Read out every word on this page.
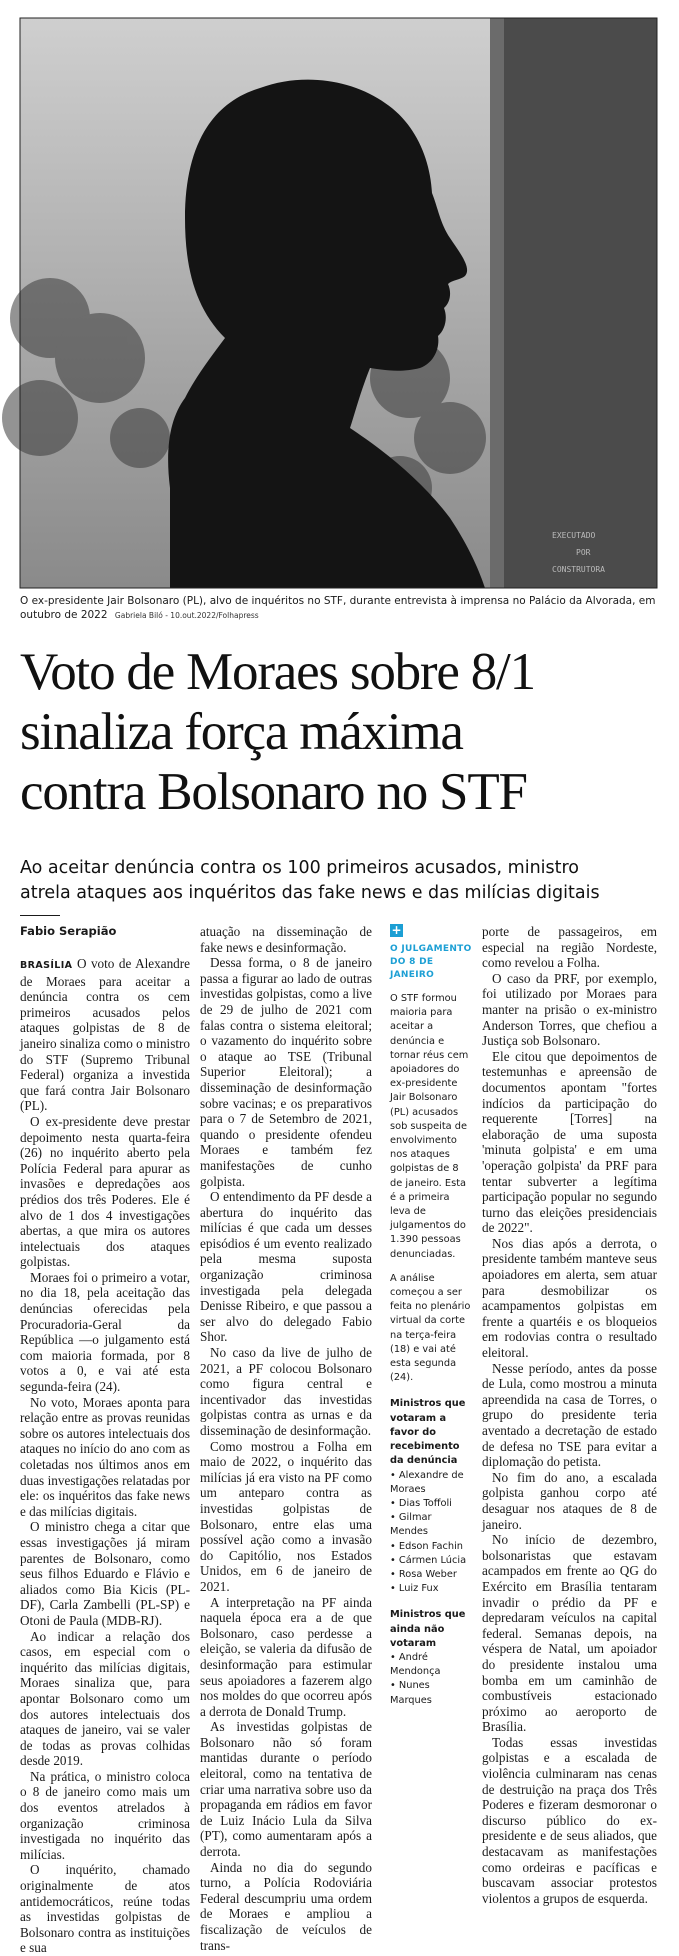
EXECUTADO
POR
CONSTRUTORA
O ex-presidente Jair Bolsonaro (PL), alvo de inquéritos no STF, durante entrevista à imprensa no Palácio da Alvorada, em outubro de 2022 Gabriela Biló - 10.out.2022/Folhapress
Voto de Moraes sobre 8/1
sinaliza força máxima
contra Bolsonaro no STF
Ao aceitar denúncia contra os 100 primeiros acusados, ministro
atrela ataques aos inquéritos das fake news e das milícias digitais
Fabio Serapião

BRASÍLIA O voto de Alexandre de Moraes para aceitar a denúncia contra os cem primeiros acusados pelos ataques golpistas de 8 de janeiro sinaliza como o ministro do STF (Supremo Tribunal Federal) organiza a investida que fará contra Jair Bolsonaro (PL).

O ex-presidente deve prestar depoimento nesta quarta-feira (26) no inquérito aberto pela Polícia Federal para apurar as invasões e depredações aos prédios dos três Poderes. Ele é alvo de 1 dos 4 investigações abertas, a que mira os autores intelectuais dos ataques golpistas.

Moraes foi o primeiro a votar, no dia 18, pela aceitação das denúncias oferecidas pela Procuradoria-Geral da República —o julgamento está com maioria formada, por 8 votos a 0, e vai até esta segunda-feira (24).

No voto, Moraes aponta para relação entre as provas reunidas sobre os autores intelectuais dos ataques no início do ano com as coletadas nos últimos anos em duas investigações relatadas por ele: os inquéritos das fake news e das milícias digitais.

O ministro chega a citar que essas investigações já miram parentes de Bolsonaro, como seus filhos Eduardo e Flávio e aliados como Bia Kicis (PL-DF), Carla Zambelli (PL-SP) e Otoni de Paula (MDB-RJ).

Ao indicar a relação dos casos, em especial com o inquérito das milícias digitais, Moraes sinaliza que, para apontar Bolsonaro como um dos autores intelectuais dos ataques de janeiro, vai se valer de todas as provas colhidas desde 2019.

Na prática, o ministro coloca o 8 de janeiro como mais um dos eventos atrelados à organização criminosa investigada no inquérito das milícias.

O inquérito, chamado originalmente de atos antidemocráticos, reúne todas as investidas golpistas de Bolsonaro contra as instituições e sua

atuação na disseminação de fake news e desinformação.

Dessa forma, o 8 de janeiro passa a figurar ao lado de outras investidas golpistas, como a live de 29 de julho de 2021 com falas contra o sistema eleitoral; o vazamento do inquérito sobre o ataque ao TSE (Tribunal Superior Eleitoral); a disseminação de desinformação sobre vacinas; e os preparativos para o 7 de Setembro de 2021, quando o presidente ofendeu Moraes e também fez manifestações de cunho golpista.

O entendimento da PF desde a abertura do inquérito das milícias é que cada um desses episódios é um evento realizado pela mesma suposta organização criminosa investigada pela delegada Denisse Ribeiro, e que passou a ser alvo do delegado Fabio Shor.

No caso da live de julho de 2021, a PF colocou Bolsonaro como figura central e incentivador das investidas golpistas contra as urnas e da disseminação de desinformação.

Como mostrou a Folha em maio de 2022, o inquérito das milícias já era visto na PF como um anteparo contra as investidas golpistas de Bolsonaro, entre elas uma possível ação como a invasão do Capitólio, nos Estados Unidos, em 6 de janeiro de 2021.

A interpretação na PF ainda naquela época era a de que Bolsonaro, caso perdesse a eleição, se valeria da difusão de desinformação para estimular seus apoiadores a fazerem algo nos moldes do que ocorreu após a derrota de Donald Trump.

As investidas golpistas de Bolsonaro não só foram mantidas durante o período eleitoral, como na tentativa de criar uma narrativa sobre uso da propaganda em rádios em favor de Luiz Inácio Lula da Silva (PT), como aumentaram após a derrota.

Ainda no dia do segundo turno, a Polícia Rodoviária Federal descumpriu uma ordem de Moraes e ampliou a fiscalização de veículos de trans-

+
O JULGAMENTO DO 8 DE JANEIRO

O STF formou maioria para aceitar a denúncia e tornar réus cem apoiadores do ex-presidente Jair Bolsonaro (PL) acusados sob suspeita de envolvimento nos ataques golpistas de 8 de janeiro. Esta é a primeira leva de julgamentos do 1.390 pessoas denunciadas.

A análise começou a ser feita no plenário virtual da corte na terça-feira (18) e vai até esta segunda (24).

Ministros que votaram a favor do recebimento da denúncia

• Alexandre de Moraes
• Dias Toffoli
• Gilmar Mendes
• Edson Fachin
• Cármen Lúcia
• Rosa Weber
• Luiz Fux

Ministros que ainda não votaram

• André Mendonça
• Nunes Marques

porte de passageiros, em especial na região Nordeste, como revelou a Folha.

O caso da PRF, por exemplo, foi utilizado por Moraes para manter na prisão o ex-ministro Anderson Torres, que chefiou a Justiça sob Bolsonaro.

Ele citou que depoimentos de testemunhas e apreensão de documentos apontam "fortes indícios da participação do requerente [Torres] na elaboração de uma suposta 'minuta golpista' e em uma 'operação golpista' da PRF para tentar subverter a legítima participação popular no segundo turno das eleições presidenciais de 2022".

Nos dias após a derrota, o presidente também manteve seus apoiadores em alerta, sem atuar para desmobilizar os acampamentos golpistas em frente a quartéis e os bloqueios em rodovias contra o resultado eleitoral.

Nesse período, antes da posse de Lula, como mostrou a minuta apreendida na casa de Torres, o grupo do presidente teria aventado a decretação de estado de defesa no TSE para evitar a diplomação do petista.

No fim do ano, a escalada golpista ganhou corpo até desaguar nos ataques de 8 de janeiro.

No início de dezembro, bolsonaristas que estavam acampados em frente ao QG do Exército em Brasília tentaram invadir o prédio da PF e depredaram veículos na capital federal. Semanas depois, na véspera de Natal, um apoiador do presidente instalou uma bomba em um caminhão de combustíveis estacionado próximo ao aeroporto de Brasília.

Todas essas investidas golpistas e a escalada de violência culminaram nas cenas de destruição na praça dos Três Poderes e fizeram desmoronar o discurso público do ex-presidente e de seus aliados, que destacavam as manifestações como ordeiras e pacíficas e buscavam associar protestos violentos a grupos de esquerda.
